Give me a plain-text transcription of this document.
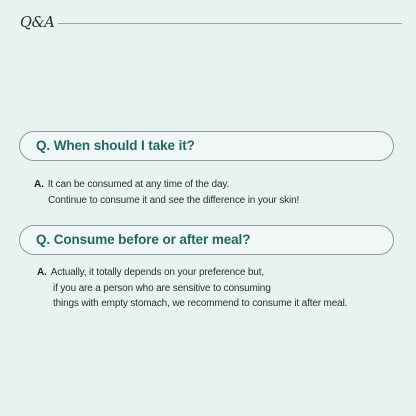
Q&A
Q. When should I take it?
A. It can be consumed at any time of the day.
Continue to consume it and see the difference in your skin!
Q. Consume before or after meal?
A. Actually, it totally depends on your preference but,
if you are a person who are sensitive to consuming
things with empty stomach, we recommend to consume it after meal.
